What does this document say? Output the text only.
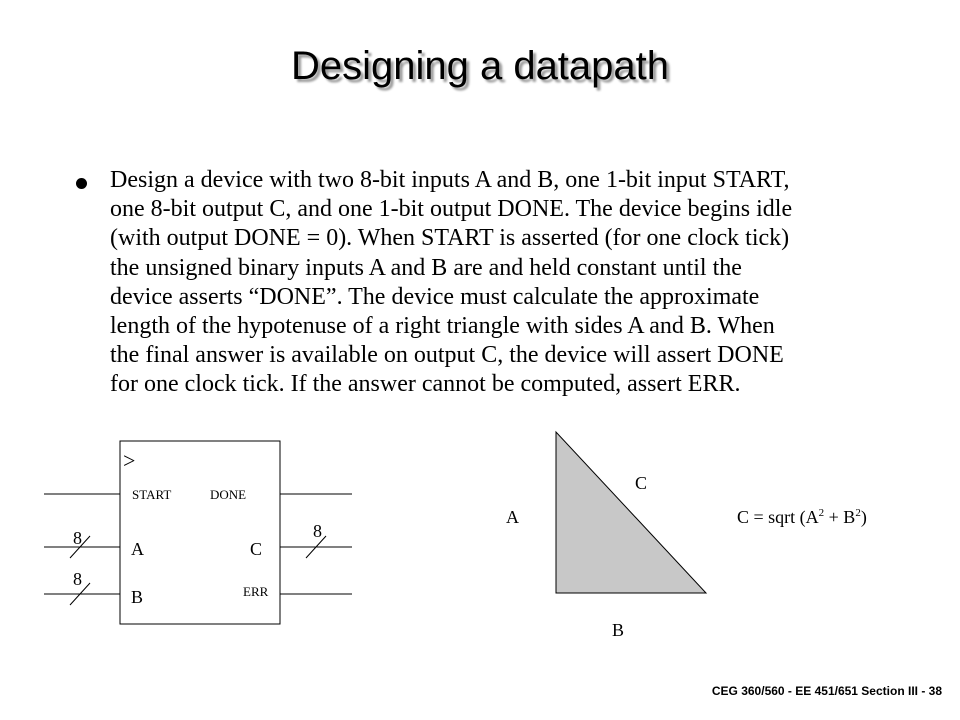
Designing a datapath
Design a device with two 8-bit inputs A and B, one 1-bit input START,
one 8-bit output C, and one 1-bit output DONE. The device begins idle
(with output DONE = 0). When START is asserted (for one clock tick)
the unsigned binary inputs A and B are and held constant until the
device asserts “DONE”. The device must calculate the approximate
length of the hypotenuse of a right triangle with sides A and B. When
the final answer is available on output C, the device will assert DONE
for one clock tick. If the answer cannot be computed, assert ERR.
>
START	DONE
A	C
B	ERR
8
8
8
C
A
B
C = sqrt $(A^2 + B^2)$
CEG 360/560 - EE 451/651 Section III - 38
